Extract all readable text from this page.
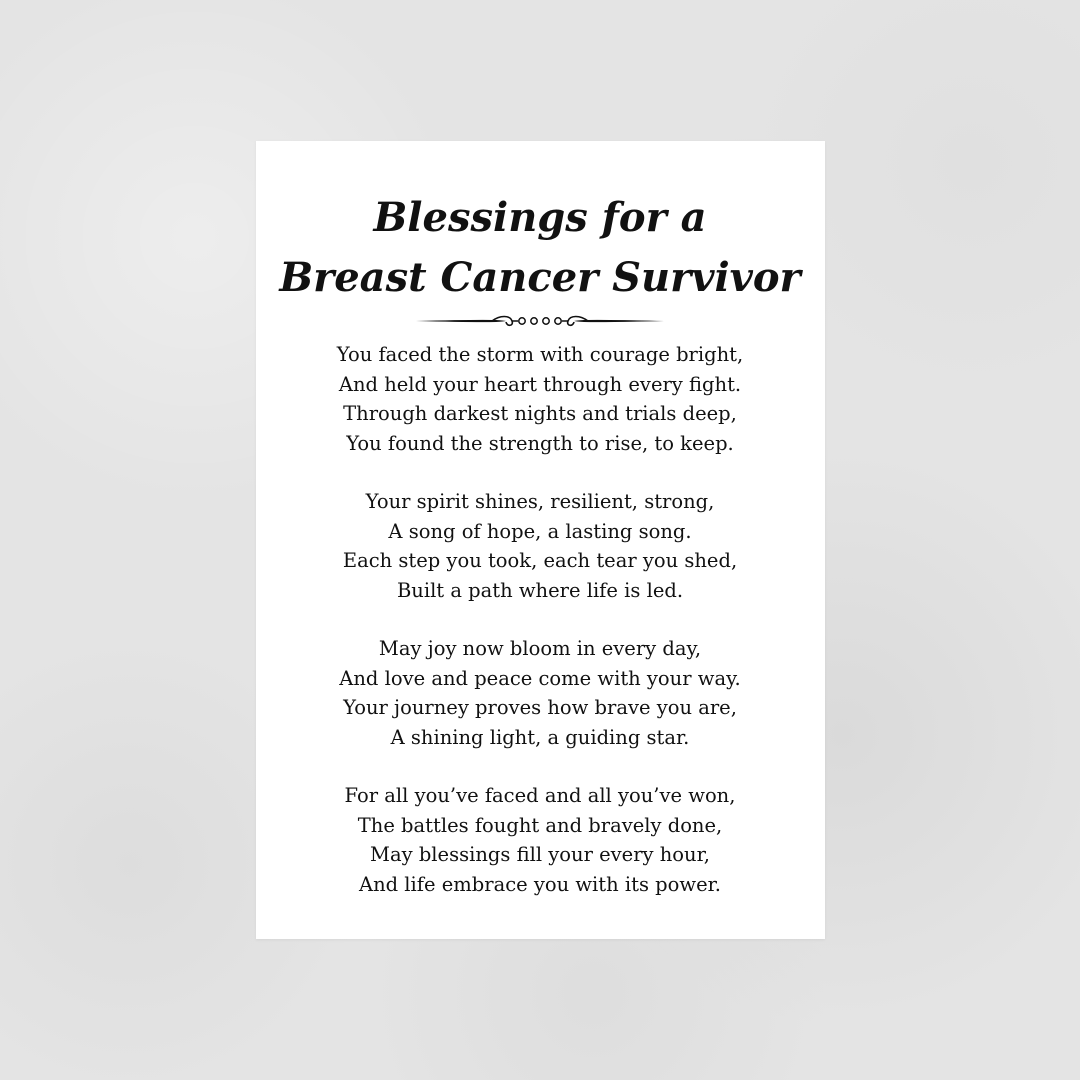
Blessings for a
Breast Cancer Survivor

You faced the storm with courage bright,
And held your heart through every fight.
Through darkest nights and trials deep,
You found the strength to rise, to keep.

Your spirit shines, resilient, strong,
A song of hope, a lasting song.
Each step you took, each tear you shed,
Built a path where life is led.

May joy now bloom in every day,
And love and peace come with your way.
Your journey proves how brave you are,
A shining light, a guiding star.

For all you’ve faced and all you’ve won,
The battles fought and bravely done,
May blessings fill your every hour,
And life embrace you with its power.
